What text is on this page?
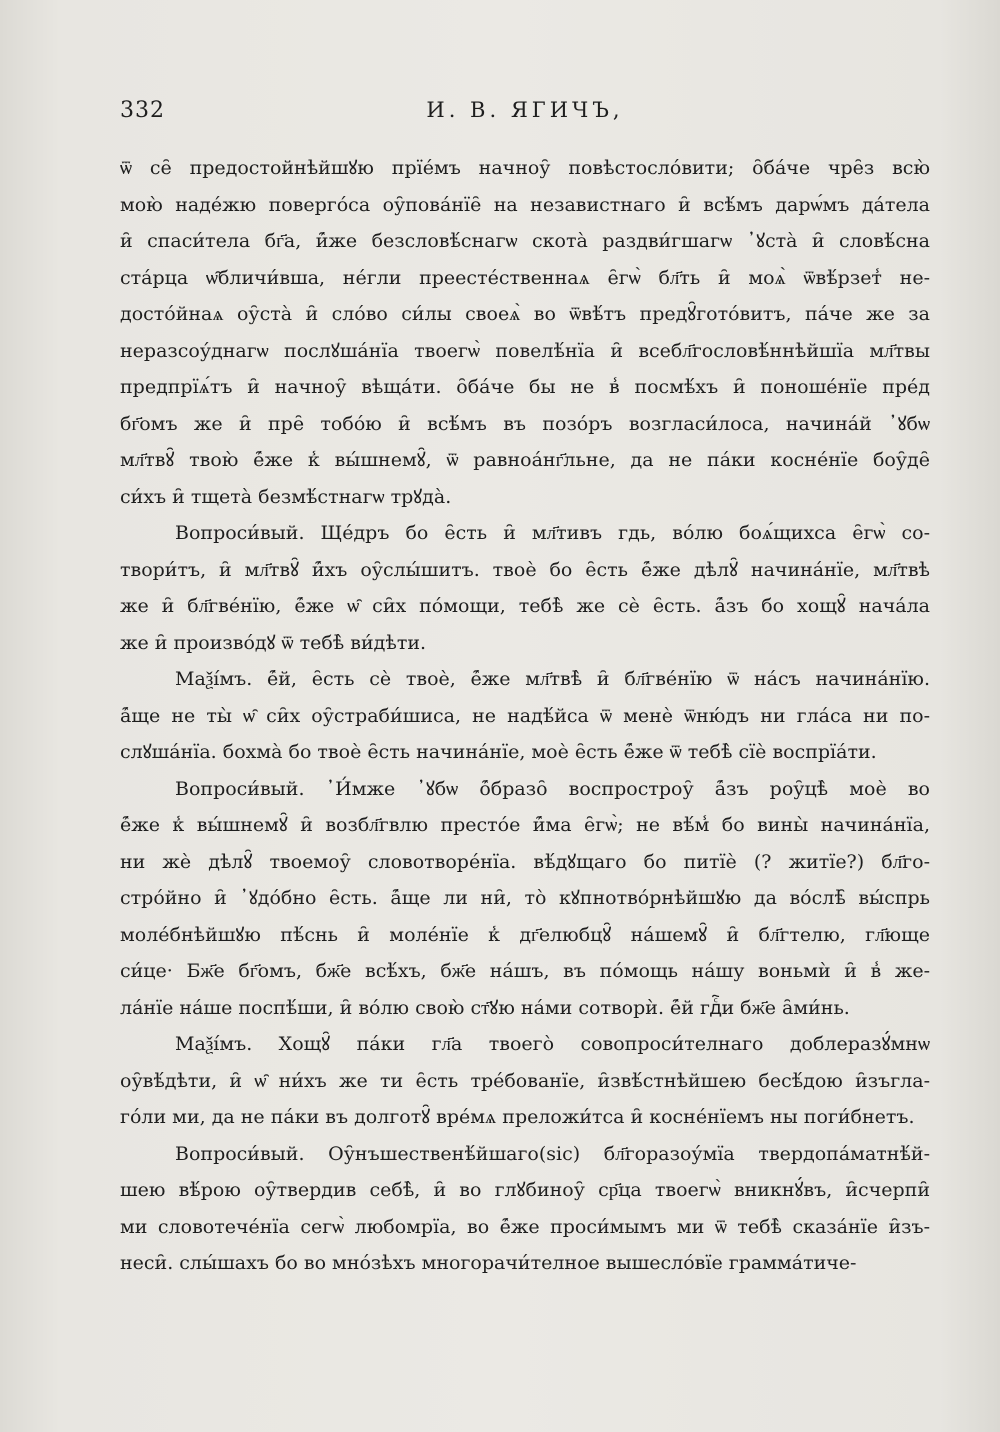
332	И. В. ЯГИЧЪ,
ѿ се̑ предостойнѣйшꙋю прїе́мъ начноу̑ повѣстосло́вити; о̑ба́че чре̑з всю̀
мою̀ наде́жю поверго́са оу̑пова́нїе̑ на независтнаго и̑ всѣ́мъ дарѡ́мъ да́тела
и̑ спаси́тела бг҃а, и̑́же безсловѣ́снагѡ скота̀ раздви́гшагѡ ᾿ꙋста̀ и̑ словѣ́сна
ста́рца ѡ̑бличи́вша, не́гли преесте́ственнаѧ е̑гѡ̀ бл҃ть и̑ моѧ̀ ѿвѣ́рзет̾ не-
досто́йнаѧ оу̑ста̀ и̑ сло́во си́лы своеѧ̀ во ѿвѣ́тъ предꙋ̑гото́витъ, па́че же за
неразсоу́днагѡ послꙋша́нїа твоегѡ̀ повелѣ́нїа и̑ всебл҃гословѣ́ннѣйшїа мл҃твы
предпрїѧ́тъ и̑ начноу̑ вѣща́ти. о̑ба́че бы не в̾ посмѣ́хъ и̑ поноше́нїе пре́д
бг҃омъ же и̑ пре̑ тобо́ю и̑ всѣ́мъ въ позо́ръ возгласи́лоса, начина́й ᾿ꙋбѡ
мл҃твꙋ̑ твою̀ е̑́же к̾ вы́шнемꙋ̑, ѿ равноа́нг҃льне, да не па́ки косне́нїе боу̑де̑
си́хъ и̑ тщета̀ безмѣ́стнагѡ трꙋда̀.
Вопроси́вый. Ще́дръ бо е̑сть и̑ мл҃тивъ гдь, во́лю боѧ́щихса е̑гѡ̀ со-
твори́тъ, и̑ мл҃твꙋ̑ и̑́хъ оу̑слы́шитъ. твоѐ бо е̑сть е̑́же дѣлꙋ̑ начина́нїе, мл҃твѣ
же и̑ бл҃гве́нїю, е̑́же ѡ̑ си̑х по́мощи, тебѣ̀ же сѐ е̑сть. а̑́зъ бо хощꙋ̑ нача́ла
же и̑ произво́дꙋ ѿ тебѣ̀ ви́дѣти.
Маѯі́мъ. е̑́й, е̑сть сѐ твоѐ, е̑́же мл҃твѣ̀ и̑ бл҃гве́нїю ѿ на́съ начина́нїю.
а̑́ще не ты̀ ѡ̑ си̑х оу̑страби́шиса, не надѣ́йса ѿ менѐ ѿню́дъ ни гла́са ни по-
слꙋша́нїа. бохма̀ бо твоѐ е̑сть начина́нїе, моѐ е̑сть е̑́же ѿ тебѣ̀ сїѐ воспрїа́ти.
Вопроси́вый. ᾿И́мже ᾿ꙋбѡ о̑́бразо̑ воспростроу̑ а̑́зъ роу̑цѣ̀ моѐ во
е̑́же к̾ вы́шнемꙋ̑ и̑ возбл҃гвлю престо́е и̑́ма е̑гѡ̀; не вѣ́м̾ бо вины̀ начина́нїа,
ни жѐ дѣлꙋ̑ твоемоу̑ словотворе́нїа. вѣ́дꙋщаго бо питїѐ (? житїе?) бл҃го-
стро́йно и̑ ᾿ꙋдо́бно е̑сть. а̑́ще ли ни̑, то̀ кꙋпнотво́рнѣйшꙋю да во́слѣ̑ вы́спрь
моле́бнѣйшꙋю пѣ́снь и̑ моле́нїе к̾ дг҃елюбцꙋ̑ на́шемꙋ̑ и̑ бл҃гтелю, гл҃юще
си́це· Бж҃е бг҃омъ, бж҃е всѣ́хъ, бж҃е на́шъ, въ по́мощь на́шу воньмѝ и̑ в̾ же-
ла́нїе на́ше поспѣ́ши, и̑ во́лю свою̀ ст҃ꙋю на́ми сотворѝ. е̑́й гдⷭ҇и бж҃е а̑ми́нь.
Маѯі́мъ. Хощꙋ̑ па́ки гл҃а твоего̀ совопроси́телнаго доблеразꙋ́мнѡ
оу̑вѣ́дѣти, и̑ ѡ̑ ни́хъ же ти е̑сть тре́бованїе, и̑звѣ́стнѣйшею бесѣ́дою и̑зъгла-
го́ли ми, да не па́ки въ долготꙋ̑ вре́мѧ преложи́тса и̑ косне́нїемъ ны поги́бнетъ.
Вопроси́вый. Оу̑нъшественѣ́йшаго(sic) бл҃горазоу́мїа твердопа́матнѣ́й-
шею вѣ́рою оу̑твердив себѣ̀, и̑ во глꙋбиноу̑ ср҃ца твоегѡ̀ вникнꙋ́въ, и̑счерпи̑
ми словотече́нїа сегѡ̀ любомрїа, во е̑́же проси́мымъ ми ѿ тебѣ̀ сказа́нїе и̑зъ-
неси̑. слы́шахъ бо во мно́зѣхъ многорачи́телное вышесло́вїе грамма́тиче-
